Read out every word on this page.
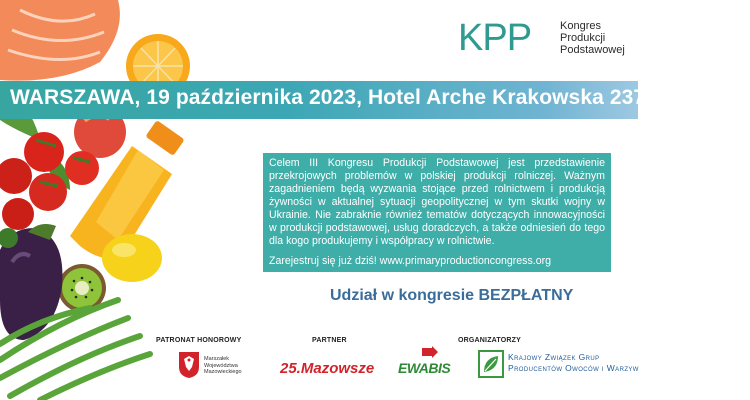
KPP	Kongres
Produkcji
Podstawowej
WARSZAWA, 19 października 2023, Hotel Arche Krakowska 237

Celem III Kongresu Produkcji Podstawowej jest przedstawienie przekrojowych problemów w polskiej produkcji rolniczej. Ważnym zagadnieniem będą wyzwania stojące przed rolnictwem i produkcją żywności w aktualnej sytuacji geopolitycznej w tym skutki wojny w Ukrainie. Nie zabraknie również tematów dotyczących innowacyjności w produkcji podstawowej, usług doradczych, a także odniesień do tego dla kogo produkujemy i współpracy w rolnictwie.

Zarejestruj się już dziś! www.primaryproductioncongress.org

Udział w kongresie BEZPŁATNY
PATRONAT HONOROWY	PARTNER	ORGANIZATORZY
Marszałek
Województwa
Mazowieckiego	25.Mazowsze EWABIS
Krajowy Związek Grup
Producentów Owoców i Warzyw
